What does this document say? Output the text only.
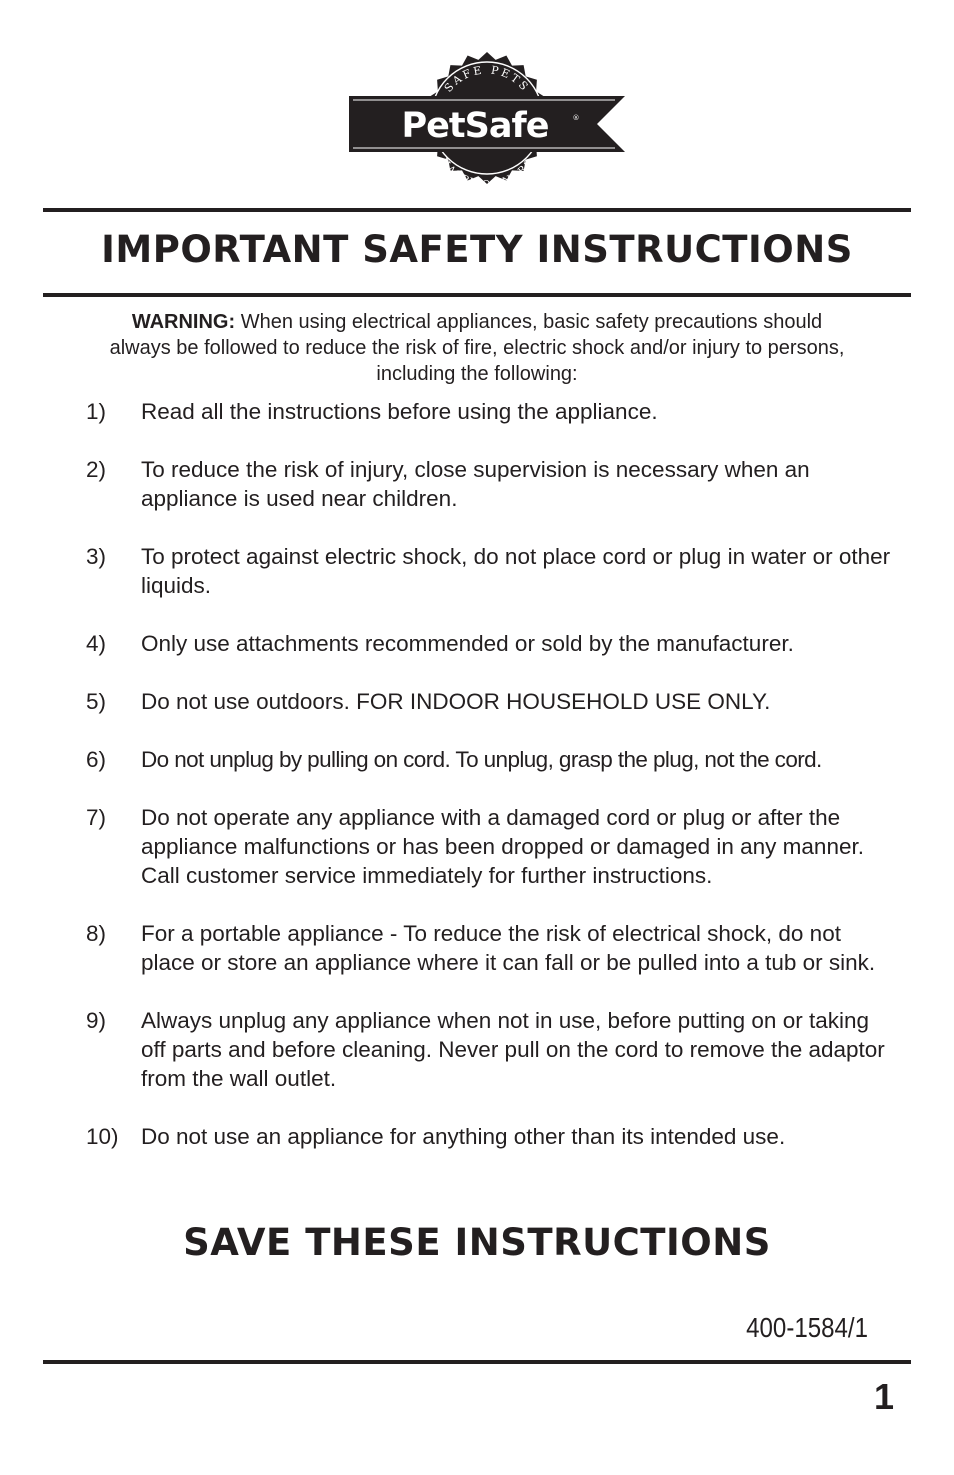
SAFE PETS
HAPPY OWNERS
PetSafe	®
IMPORTANT SAFETY INSTRUCTIONS
WARNING: When using electrical appliances, basic safety precautions should always be followed to reduce the risk of fire, electric shock and/or injury to persons, including the following:
1)	Read all the instructions before using the appliance.
2)	To reduce the risk of injury, close supervision is necessary when an appliance is used near children.
3)	To protect against electric shock, do not place cord or plug in water or other liquids.
4)	Only use attachments recommended or sold by the manufacturer.
5)	Do not use outdoors. FOR INDOOR HOUSEHOLD USE ONLY.
6)	Do not unplug by pulling on cord. To unplug, grasp the plug, not the cord.
7)	Do not operate any appliance with a damaged cord or plug or after the appliance malfunctions or has been dropped or damaged in any manner. Call customer service immediately for further instructions.
8)	For a portable appliance - To reduce the risk of electrical shock, do not place or store an appliance where it can fall or be pulled into a tub or sink.
9)	Always unplug any appliance when not in use, before putting on or taking off parts and before cleaning. Never pull on the cord to remove the adaptor from the wall outlet.
10) Do not use an appliance for anything other than its intended use.
SAVE THESE INSTRUCTIONS
400-1584/1
1
